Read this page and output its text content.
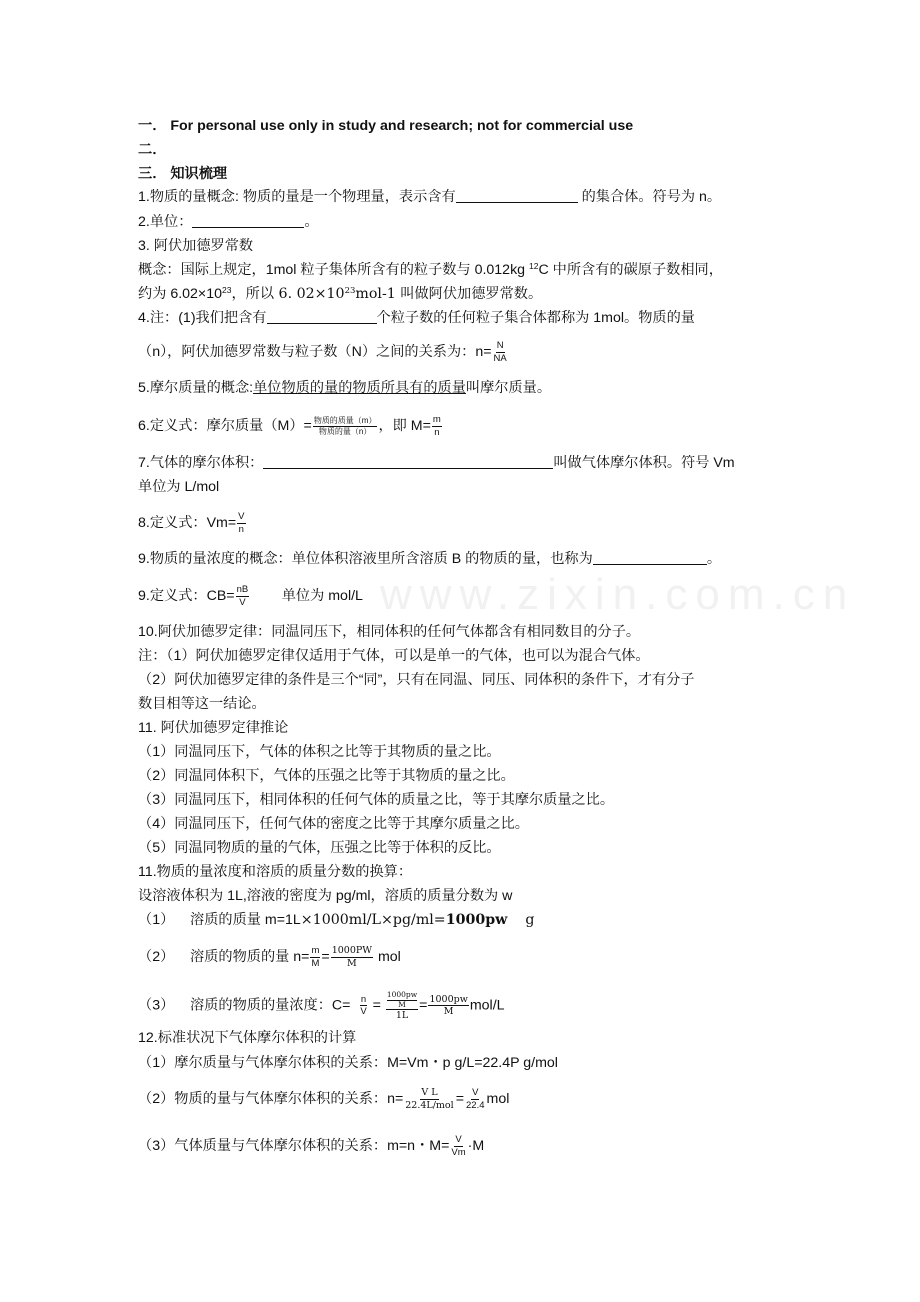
www.zixin.com.cn
一． For personal use only in study and research; not for commercial use
二．
三． 知识梳理
1.物质的量概念: 物质的量是一个物理量，表示含有	的集合体。符号为 n。
2.单位：	。
3. 阿伏加德罗常数
概念：国际上规定，1mol 粒子集体所含有的粒子数与 0.012kg $^{12}$C 中所含有的碳原子数相同，
约为 $6.02\times 10^{23}$，所以 6. $02\times 10^{23}mol-1$ 叫做阿伏加德罗常数。
4.注：(1)我们把含有	个粒子数的任何粒子集合体都称为 1mol。物质的量
（n），阿伏加德罗常数与粒子数（N）之间的关系为：$n= \frac{N}{NA}$
5.摩尔质量的概念:单位物质的量的物质所具有的质量叫摩尔质量。
6.定义式：摩尔质量$(M)= \frac{\text{物质的质量（m）}}{\text{物质的量（n）}}$ ，即 $M= \frac{m}{n}$
7.气体的摩尔体积：	叫做气体摩尔体积。符号 Vm
单位为 L/mol
8.定义式：$Vm= \frac{V}{n}$
9.物质的量浓度的概念：单位体积溶液里所含溶质 B 的物质的量，也称为	。
9.定义式：$CB= \frac{nB}{V}$ 单位为 mol/L
10.阿伏加德罗定律：同温同压下，相同体积的任何气体都含有相同数目的分子。
注：（1）阿伏加德罗定律仅适用于气体，可以是单一的气体，也可以为混合气体。
（2）阿伏加德罗定律的条件是三个“同”，只有在同温、同压、同体积的条件下，才有分子
数目相等这一结论。
11. 阿伏加德罗定律推论
（1）同温同压下，气体的体积之比等于其物质的量之比。
（2）同温同体积下，气体的压强之比等于其物质的量之比。
（3）同温同压下，相同体积的任何气体的质量之比，等于其摩尔质量之比。
（4）同温同压下，任何气体的密度之比等于其摩尔质量之比。
（5）同温同物质的量的气体，压强之比等于体积的反比。
11.物质的量浓度和溶质的质量分数的换算：
设溶液体积为 1L,溶液的密度为 pg/ml，溶质的质量分数为 w
（1）    溶质的质量 m=1L×1000ml/L×pg/ml=1000pw    g
（2）    溶质的物质的量 $n= \frac{m}{M} = \frac{1000PW}{M}$ mol
（3）    溶质的物质的量浓度：$C= \frac{n}{V} = 1000pw$
M
$1L = \frac{1000pw}{M} mol/L$
12.标准状况下气体摩尔体积的计算
（1）摩尔质量与气体摩尔体积的关系：M=Vm・p g/L=22.4P g/mol
（2）物质的量与气体摩尔体积的关系：$n= \frac{\text{V L}}{\text{22.4L/mol}} = \frac{V}{22.4}$ mol
（3）气体质量与气体摩尔体积的关系：m=n・$M= \frac{V}{Vm} \cdot M$
